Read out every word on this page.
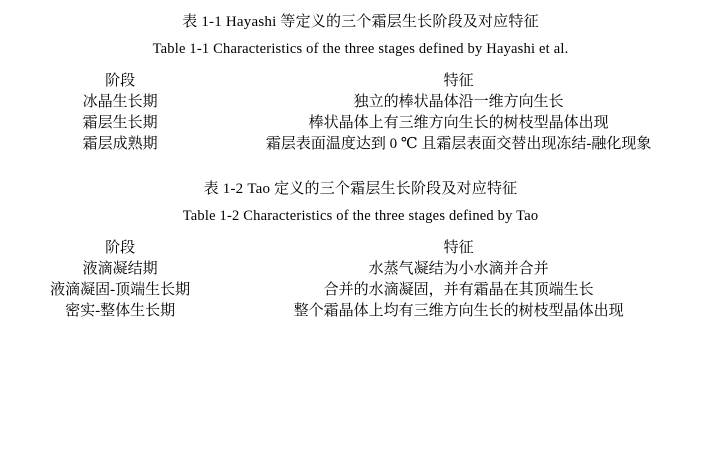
表 1-1 Hayashi 等定义的三个霜层生长阶段及对应特征
Table 1-1 Characteristics of the three stages defined by Hayashi et al.

阶段	特征

冰晶生长期	独立的棒状晶体沿一维方向生长
霜层生长期	棒状晶体上有三维方向生长的树枝型晶体出现
霜层成熟期	霜层表面温度达到 0 ℃ 且霜层表面交替出现冻结-融化现象

表 1-2 Tao 定义的三个霜层生长阶段及对应特征
Table 1-2 Characteristics of the three stages defined by Tao

阶段	特征

液滴凝结期	水蒸气凝结为小水滴并合并
液滴凝固-顶端生长期	合并的水滴凝固，并有霜晶在其顶端生长
密实-整体生长期	整个霜晶体上均有三维方向生长的树枝型晶体出现
